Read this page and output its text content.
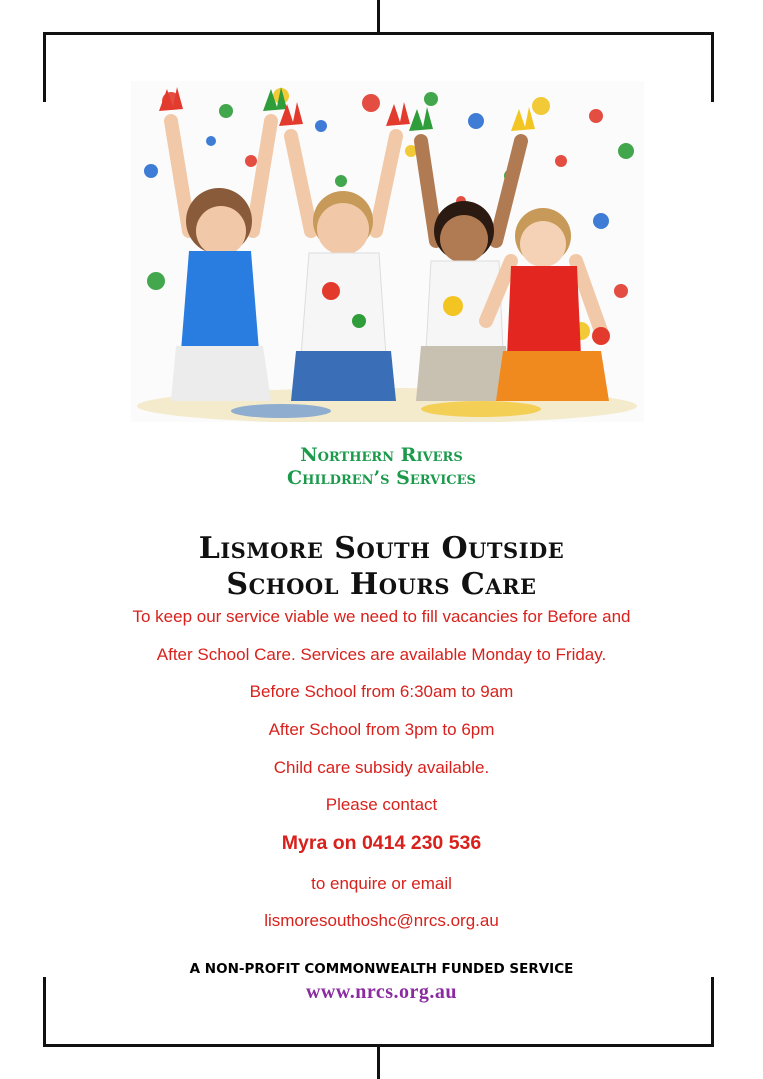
Northern Rivers
Children’s Services
Lismore South Outside
School Hours Care
To keep our service viable we need to fill vacancies for Before and
After School Care. Services are available Monday to Friday.
Before School from 6:30am to 9am
After School from 3pm to 6pm
Child care subsidy available.
Please contact
Myra on 0414 230 536
to enquire or email
lismoresouthoshc@nrcs.org.au
A NON-PROFIT COMMONWEALTH FUNDED SERVICE
www.nrcs.org.au
